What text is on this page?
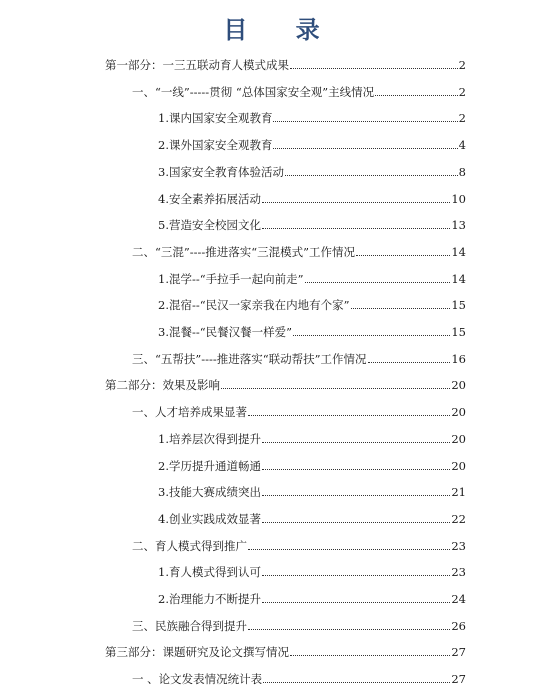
目 录
第一部分：一三五联动育人模式成果	2
一、“一线”-----贯彻 “总体国家安全观”主线情况	2
1.课内国家安全观教育	2
2.课外国家安全观教育	4
3.国家安全教育体验活动	8
4.安全素养拓展活动	10
5.营造安全校园文化	13
二、“三混”----推进落实“三混模式”工作情况	14
1.混学--“手拉手一起向前走”	14
2.混宿--“民汉一家亲我在内地有个家”	15
3.混餐--“民餐汉餐一样爱”	15
三、“五帮扶”----推进落实“联动帮扶”工作情况	16
第二部分：效果及影响	20
一、人才培养成果显著	20
1.培养层次得到提升	20
2.学历提升通道畅通	20
3.技能大赛成绩突出	21
4.创业实践成效显著	22
二、育人模式得到推广	23
1.育人模式得到认可	23
2.治理能力不断提升	24
三、民族融合得到提升	26
第三部分：课题研究及论文撰写情况	27
一 、论文发表情况统计表	27
